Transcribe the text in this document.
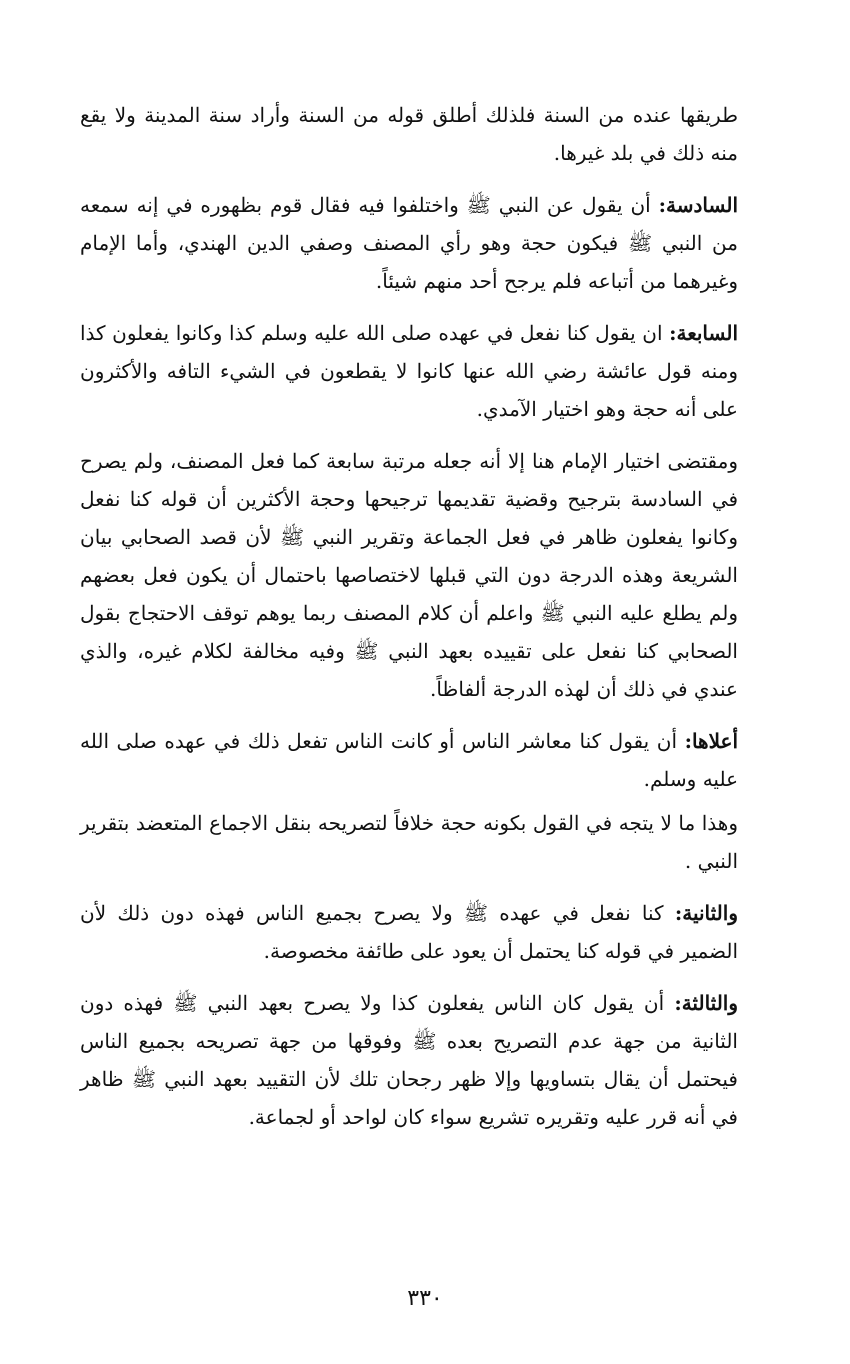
طريقها عنده من السنة فلذلك أطلق قوله من السنة وأراد سنة المدينة ولا يقع منه ذلك في بلد غيرها.

السادسة: أن يقول عن النبي ﷺ واختلفوا فيه فقال قوم بظهوره في إنه سمعه من النبي ﷺ فيكون حجة وهو رأي المصنف وصفي الدين الهندي، وأما الإمام وغيرهما من أتباعه فلم يرجح أحد منهم شيئاً.

السابعة: ان يقول كنا نفعل في عهده صلى الله عليه وسلم كذا وكانوا يفعلون كذا ومنه قول عائشة رضي الله عنها كانوا لا يقطعون في الشيء التافه والأكثرون على أنه حجة وهو اختيار الآمدي.

ومقتضى اختيار الإمام هنا إلا أنه جعله مرتبة سابعة كما فعل المصنف، ولم يصرح في السادسة بترجيح وقضية تقديمها ترجيحها وحجة الأكثرين أن قوله كنا نفعل وكانوا يفعلون ظاهر في فعل الجماعة وتقرير النبي ﷺ لأن قصد الصحابي بيان الشريعة وهذه الدرجة دون التي قبلها لاختصاصها باحتمال أن يكون فعل بعضهم ولم يطلع عليه النبي ﷺ واعلم أن كلام المصنف ربما يوهم توقف الاحتجاج بقول الصحابي كنا نفعل على تقييده بعهد النبي ﷺ وفيه مخالفة لكلام غيره، والذي عندي في ذلك أن لهذه الدرجة ألفاظاً.

أعلاها: أن يقول كنا معاشر الناس أو كانت الناس تفعل ذلك في عهده صلى الله عليه وسلم.

وهذا ما لا يتجه في القول بكونه حجة خلافاً لتصريحه بنقل الاجماع المتعضد بتقرير النبي .

والثانية: كنا نفعل في عهده ﷺ ولا يصرح بجميع الناس فهذه دون ذلك لأن الضمير في قوله كنا يحتمل أن يعود على طائفة مخصوصة.

والثالثة: أن يقول كان الناس يفعلون كذا ولا يصرح بعهد النبي ﷺ فهذه دون الثانية من جهة عدم التصريح بعده ﷺ وفوقها من جهة تصريحه بجميع الناس فيحتمل أن يقال بتساويها وإلا ظهر رجحان تلك لأن التقييد بعهد النبي ﷺ ظاهر في أنه قرر عليه وتقريره تشريع سواء كان لواحد أو لجماعة.

٣٣٠
